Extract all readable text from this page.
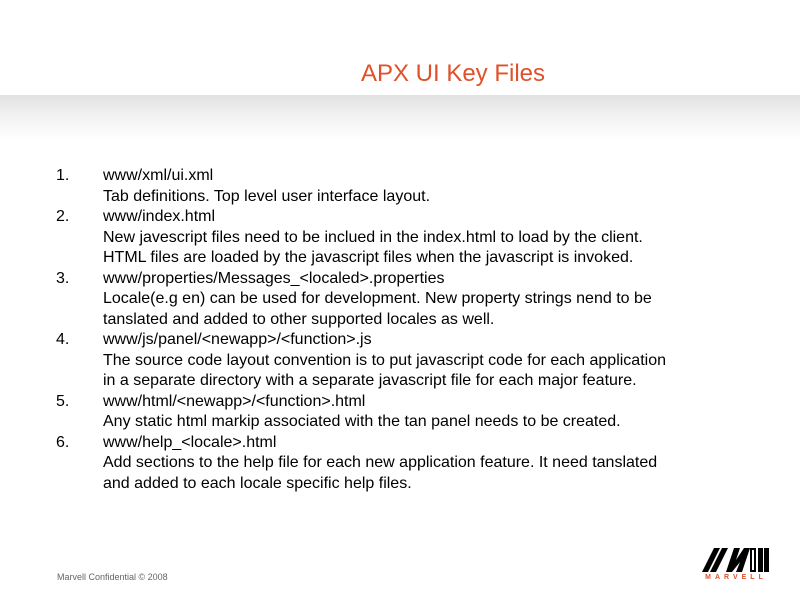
APX UI Key Files
1.	www/xml/ui.xml
Tab definitions. Top level user interface layout.
2.	www/index.html
New javescript files need to be inclued in the index.html to load by the client.
HTML files are loaded by the javascript files when the javascript is invoked.
3.	www/properties/Messages_<localed>.properties
Locale(e.g en) can be used for development. New property strings nend to be
tanslated and added to other supported locales as well.
4.	www/js/panel/<newapp>/<function>.js
The source code layout convention is to put javascript code for each application
in a separate directory with a separate javascript file for each major feature.
5.	www/html/<newapp>/<function>.html
Any static html markip associated with the tan panel needs to be created.
6.	www/help_<locale>.html
Add sections to the help file for each new application feature. It need tanslated
and added to each locale specific help files.
Marvell Confidential © 2008	MARVELL
